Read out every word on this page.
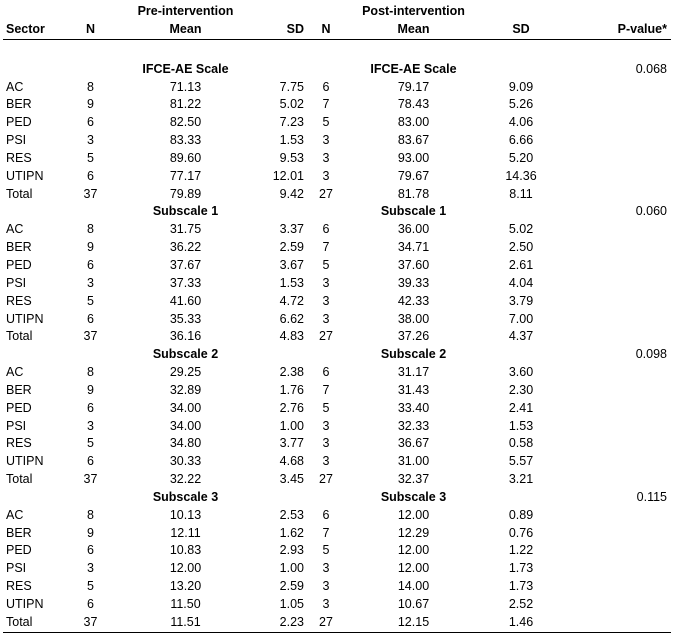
		Pre-intervention			Post-intervention		
Sector	N	Mean	SD	N	Mean	SD	P-value*

		IFCE-AE Scale			IFCE-AE Scale		0.068
AC	8	71.13	7.75	6	79.17	9.09	
BER	9	81.22	5.02	7	78.43	5.26	
PED	6	82.50	7.23	5	83.00	4.06	
PSI	3	83.33	1.53	3	83.67	6.66	
RES	5	89.60	9.53	3	93.00	5.20	
UTIPN	6	77.17	12.01	3	79.67	14.36	
Total	37	79.89	9.42	27	81.78	8.11	
		Subscale 1			Subscale 1		0.060
AC	8	31.75	3.37	6	36.00	5.02	
BER	9	36.22	2.59	7	34.71	2.50	
PED	6	37.67	3.67	5	37.60	2.61	
PSI	3	37.33	1.53	3	39.33	4.04	
RES	5	41.60	4.72	3	42.33	3.79	
UTIPN	6	35.33	6.62	3	38.00	7.00	
Total	37	36.16	4.83	27	37.26	4.37	
		Subscale 2			Subscale 2		0.098
AC	8	29.25	2.38	6	31.17	3.60	
BER	9	32.89	1.76	7	31.43	2.30	
PED	6	34.00	2.76	5	33.40	2.41	
PSI	3	34.00	1.00	3	32.33	1.53	
RES	5	34.80	3.77	3	36.67	0.58	
UTIPN	6	30.33	4.68	3	31.00	5.57	
Total	37	32.22	3.45	27	32.37	3.21	
		Subscale 3			Subscale 3		0.115
AC	8	10.13	2.53	6	12.00	0.89	
BER	9	12.11	1.62	7	12.29	0.76	
PED	6	10.83	2.93	5	12.00	1.22	
PSI	3	12.00	1.00	3	12.00	1.73	
RES	5	13.20	2.59	3	14.00	1.73	
UTIPN	6	11.50	1.05	3	10.67	2.52	
Total	37	11.51	2.23	27	12.15	1.46	
